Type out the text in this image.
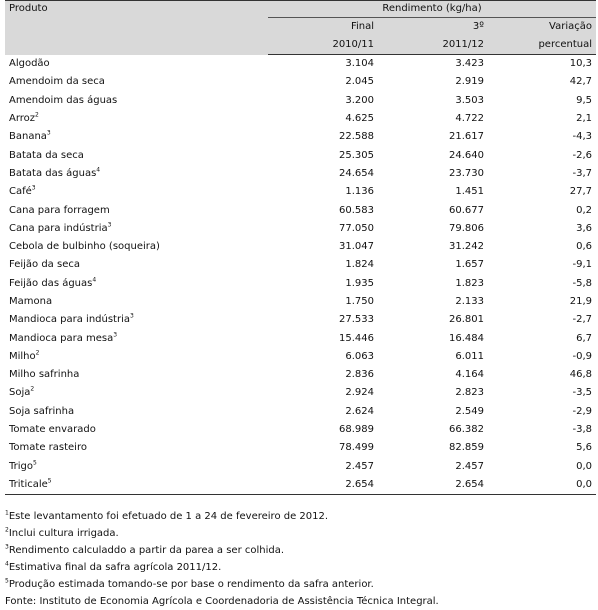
Produto	Rendimento (kg/ha)		
	Final	3º	Variação
	2010/11	2011/12	percentual
Algodão	3.104	3.423	10,3
Amendoim da seca	2.045	2.919	42,7
Amendoim das águas	3.200	3.503	9,5
Arroz$^2$	4.625	4.722	2,1
Banana$^3$	22.588	21.617	-4,3
Batata da seca	25.305	24.640	-2,6
Batata das águas$^4$	24.654	23.730	-3,7
Café$^3$	1.136	1.451	27,7
Cana para forragem	60.583	60.677	0,2
Cana para indústria$^3$	77.050	79.806	3,6
Cebola de bulbinho (soqueira)	31.047	31.242	0,6
Feijão da seca	1.824	1.657	-9,1
Feijão das águas$^4$	1.935	1.823	-5,8
Mamona	1.750	2.133	21,9
Mandioca para indústria$^3$	27.533	26.801	-2,7
Mandioca para mesa$^3$	15.446	16.484	6,7
Milho$^2$	6.063	6.011	-0,9
Milho safrinha	2.836	4.164	46,8
Soja$^2$	2.924	2.823	-3,5
Soja safrinha	2.624	2.549	-2,9
Tomate envarado	68.989	66.382	-3,8
Tomate rasteiro	78.499	82.859	5,6
Trigo$^5$	2.457	2.457	0,0
Triticale$^5$	2.654	2.654	0,0
$^1$Este levantamento foi efetuado de 1 a 24 de fevereiro de 2012.
$^2$Inclui cultura irrigada.
$^3$Rendimento calculaddo a partir da parea a ser colhida.
$^4$Estimativa final da safra agrícola 2011/12.
$^5$Produção estimada tomando-se por base o rendimento da safra anterior.
Fonte: Instituto de Economia Agrícola e Coordenadoria de Assistência Técnica Integral.
